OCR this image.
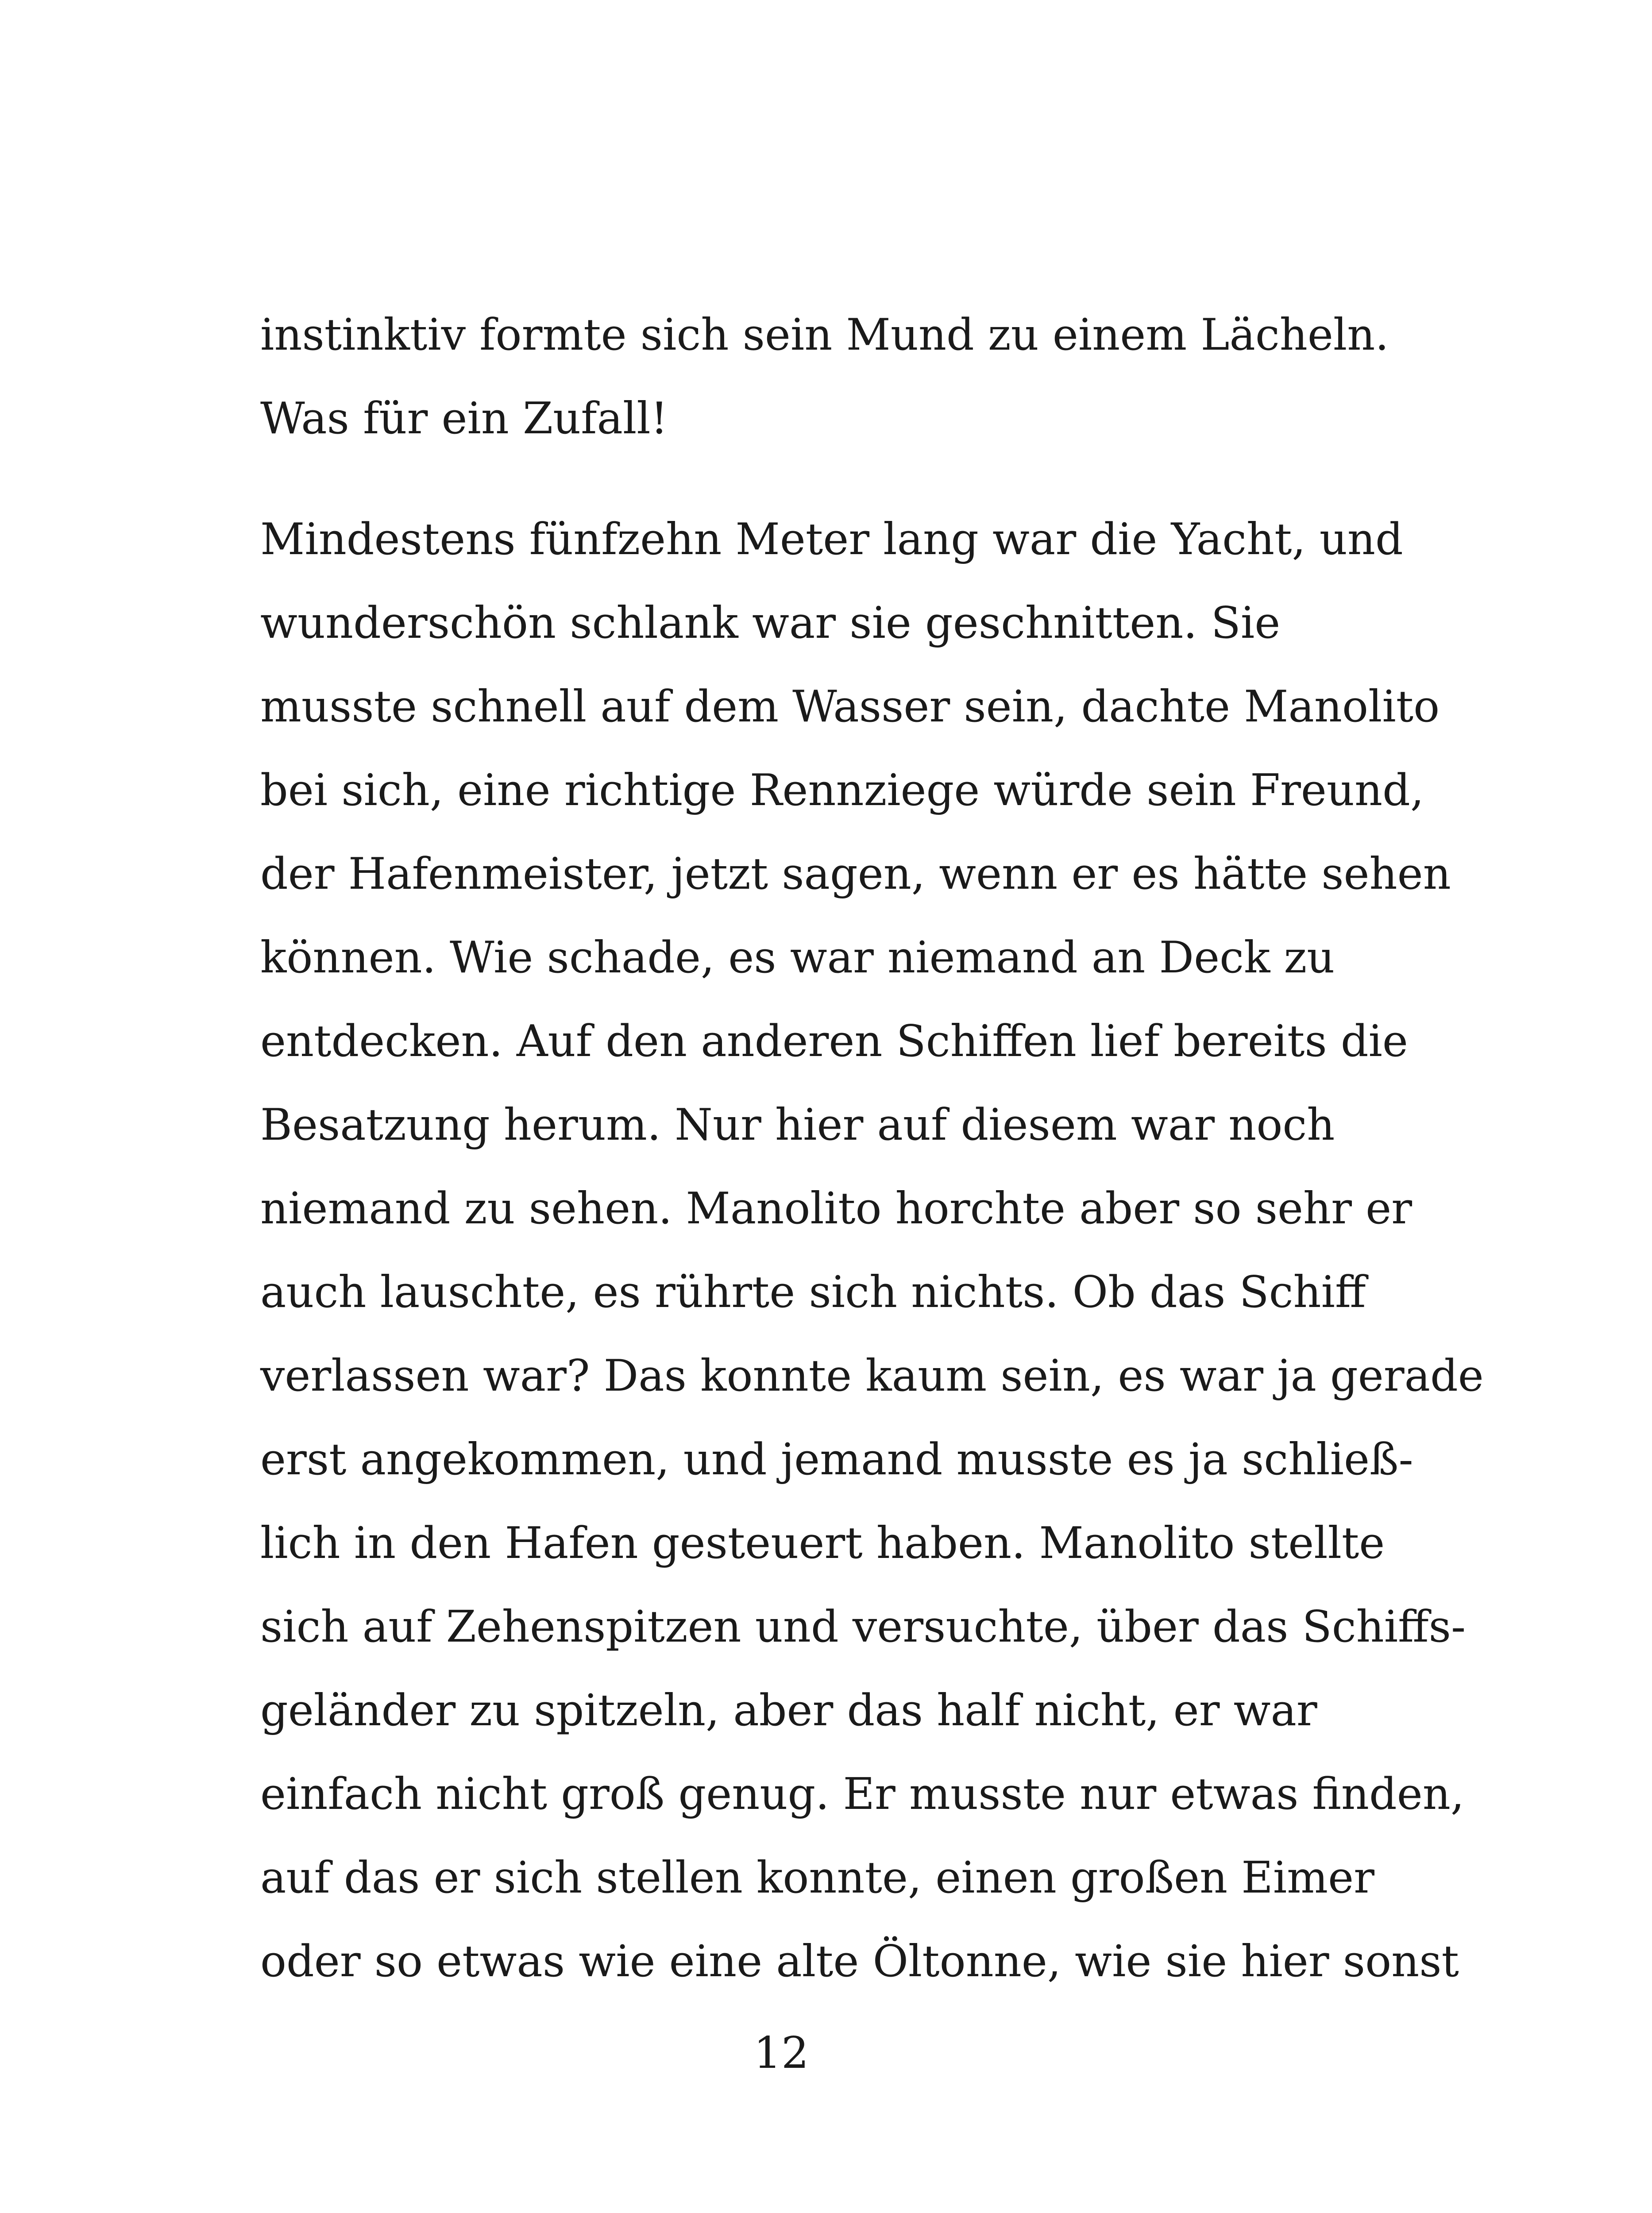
instinktiv formte sich sein Mund zu einem Lächeln.
Was für ein Zufall!
Mindestens fünfzehn Meter lang war die Yacht, und
wunderschön schlank war sie geschnitten. Sie
musste schnell auf dem Wasser sein, dachte Manolito
bei sich, eine richtige Rennziege würde sein Freund,
der Hafenmeister, jetzt sagen, wenn er es hätte sehen
können. Wie schade, es war niemand an Deck zu
entdecken. Auf den anderen Schiffen lief bereits die
Besatzung herum. Nur hier auf diesem war noch
niemand zu sehen. Manolito horchte aber so sehr er
auch lauschte, es rührte sich nichts. Ob das Schiff
verlassen war? Das konnte kaum sein, es war ja gerade
erst angekommen, und jemand musste es ja schließ-
lich in den Hafen gesteuert haben. Manolito stellte
sich auf Zehenspitzen und versuchte, über das Schiffs-
geländer zu spitzeln, aber das half nicht, er war
einfach nicht groß genug. Er musste nur etwas finden,
auf das er sich stellen konnte, einen großen Eimer
oder so etwas wie eine alte Öltonne, wie sie hier sonst
12
